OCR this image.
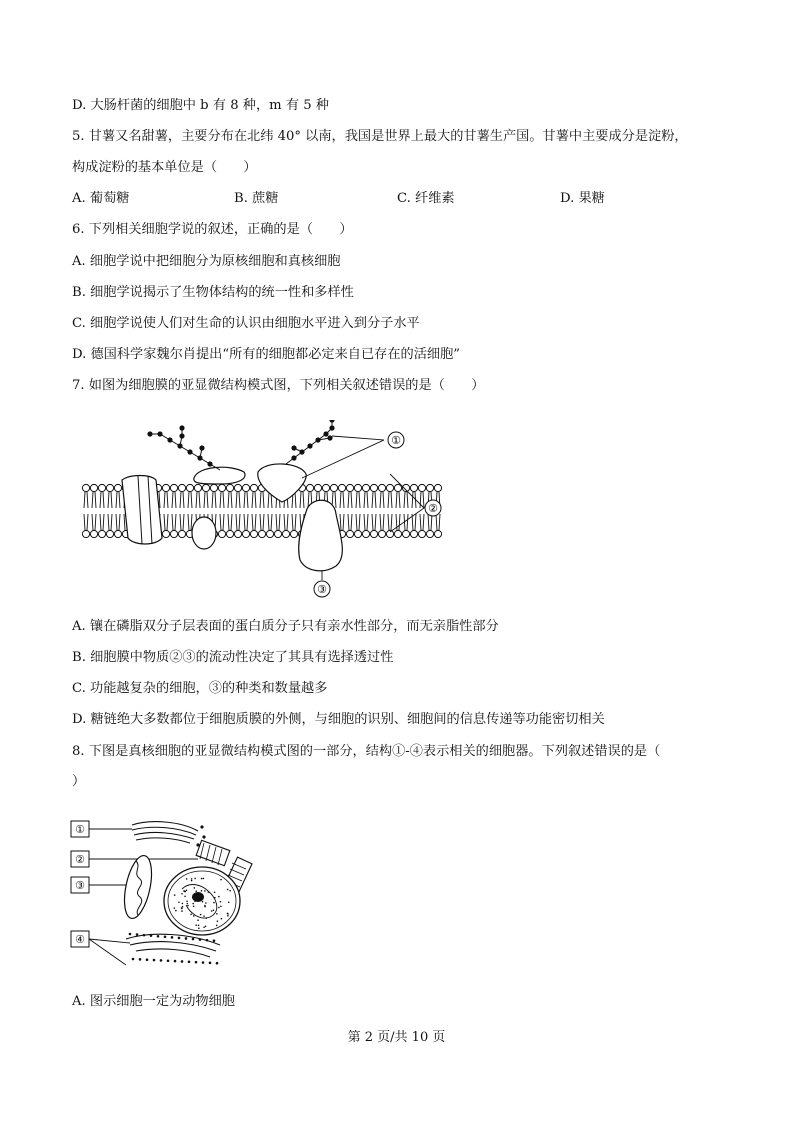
D. 大肠杆菌的细胞中 b 有 8 种，m 有 5 种
5. 甘薯又名甜薯，主要分布在北纬 40° 以南，我国是世界上最大的甘薯生产国。甘薯中主要成分是淀粉，
构成淀粉的基本单位是（　　）
A. 葡萄糖	B. 蔗糖	C. 纤维素	D. 果糖
6. 下列相关细胞学说的叙述，正确的是（　　）
A. 细胞学说中把细胞分为原核细胞和真核细胞
B. 细胞学说揭示了生物体结构的统一性和多样性
C. 细胞学说使人们对生命的认识由细胞水平进入到分子水平
D. 德国科学家魏尔肖提出“所有的细胞都必定来自已存在的活细胞”
7. 如图为细胞膜的亚显微结构模式图，下列相关叙述错误的是（　　）
①
②
③
A. 镶在磷脂双分子层表面的蛋白质分子只有亲水性部分，而无亲脂性部分
B. 细胞膜中物质②③的流动性决定了其具有选择透过性
C. 功能越复杂的细胞，③的种类和数量越多
D. 糖链绝大多数都位于细胞质膜的外侧，与细胞的识别、细胞间的信息传递等功能密切相关
8. 下图是真核细胞的亚显微结构模式图的一部分，结构①-④表示相关的细胞器。下列叙述错误的是（
）
①
②
③
④
A. 图示细胞一定为动物细胞
第 2 页/共 10 页
